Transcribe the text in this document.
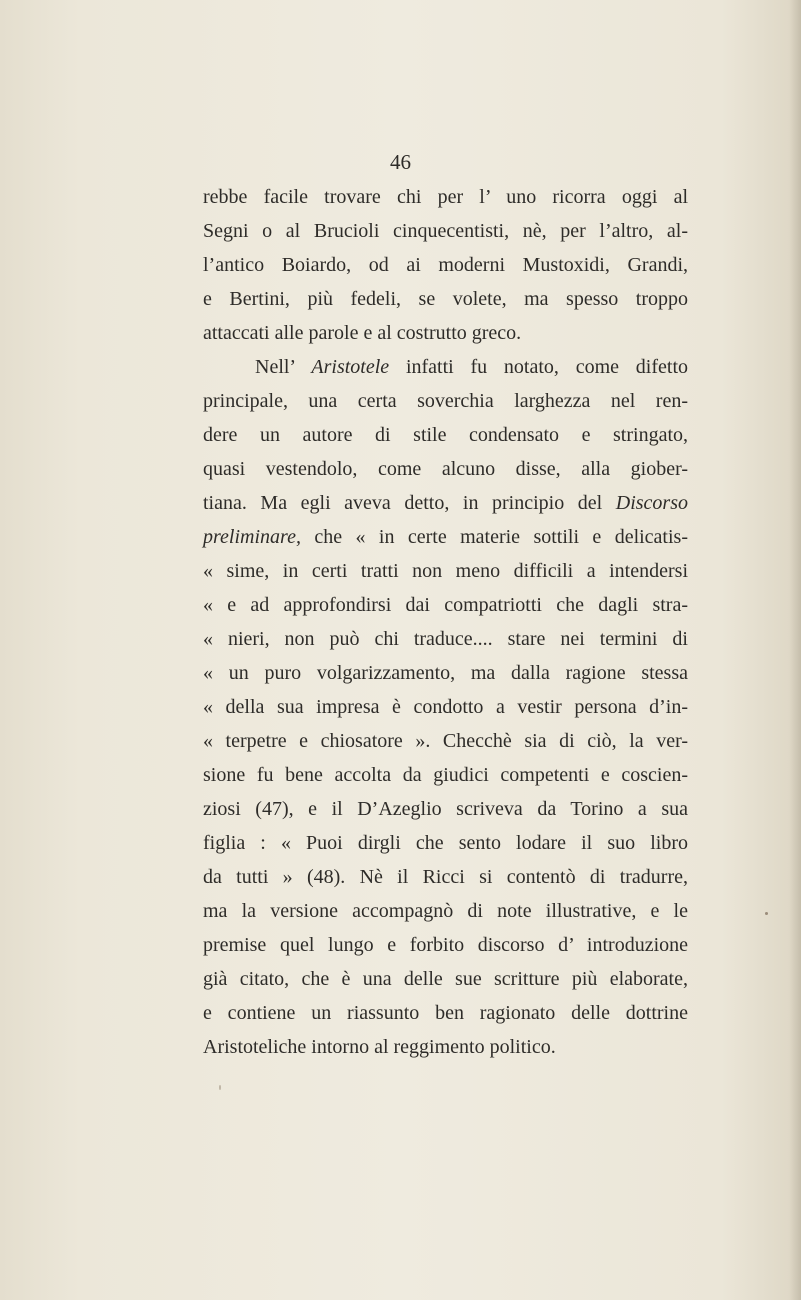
46
rebbe facile trovare chi per l’ uno ricorra oggi al
Segni o al Brucioli cinquecentisti, nè, per l’altro, al-
l’antico Boiardo, od ai moderni Mustoxidi, Grandi,
e Bertini, più fedeli, se volete, ma spesso troppo
attaccati alle parole e al costrutto greco.
Nell’ Aristotele infatti fu notato, come difetto
principale, una certa soverchia larghezza nel ren-
dere un autore di stile condensato e stringato,
quasi vestendolo, come alcuno disse, alla giober-
tiana. Ma egli aveva detto, in principio del Discorso
preliminare, che « in certe materie sottili e delicatis-
« sime, in certi tratti non meno difficili a intendersi
« e ad approfondirsi dai compatriotti che dagli stra-
« nieri, non può chi traduce.... stare nei termini di
« un puro volgarizzamento, ma dalla ragione stessa
« della sua impresa è condotto a vestir persona d’in-
« terpetre e chiosatore ». Checchè sia di ciò, la ver-
sione fu bene accolta da giudici competenti e coscien-
ziosi (47), e il D’Azeglio scriveva da Torino a sua
figlia : « Puoi dirgli che sento lodare il suo libro
da tutti » (48). Nè il Ricci si contentò di tradurre,
ma la versione accompagnò di note illustrative, e le
premise quel lungo e forbito discorso d’ introduzione
già citato, che è una delle sue scritture più elaborate,
e contiene un riassunto ben ragionato delle dottrine
Aristoteliche intorno al reggimento politico.
